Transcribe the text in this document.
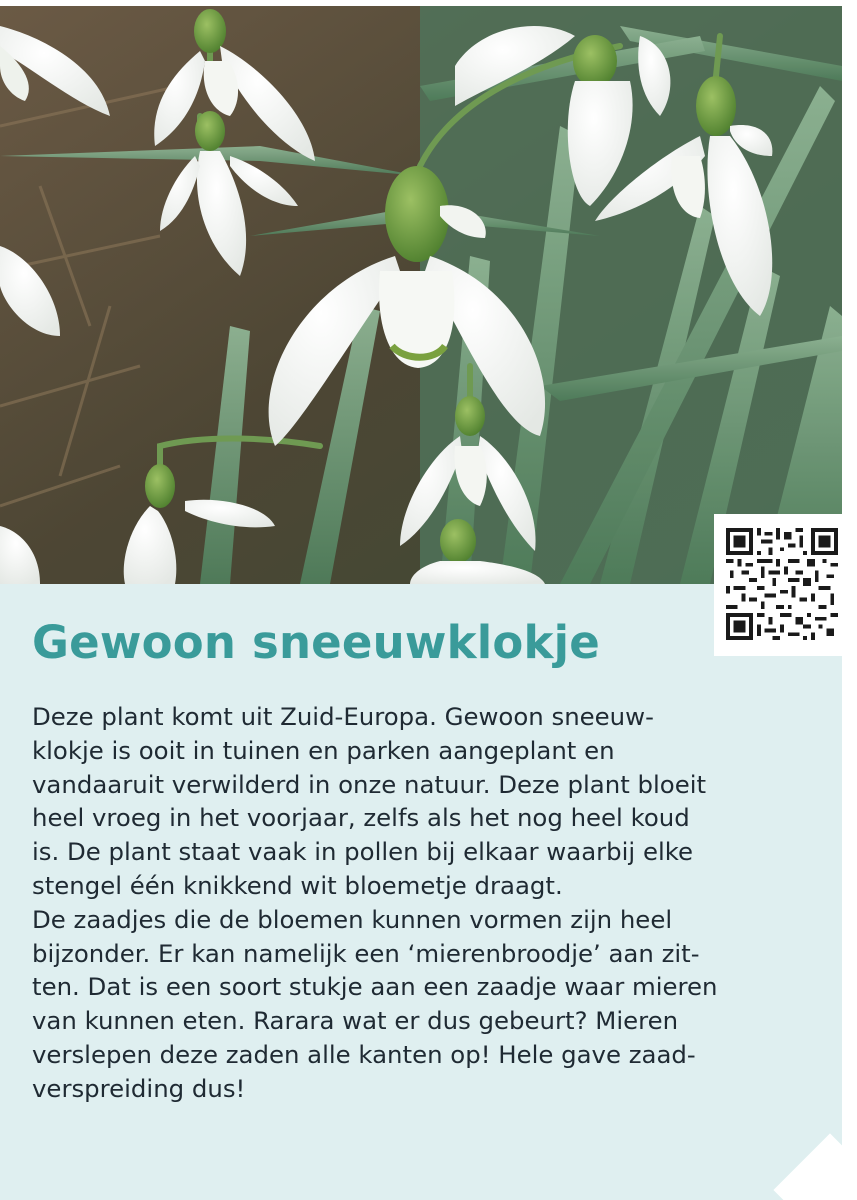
Gewoon sneeuwklokje
Deze plant komt uit Zuid-Europa. Gewoon sneeuw-
klokje is ooit in tuinen en parken aangeplant en
vandaaruit verwilderd in onze natuur. Deze plant bloeit
heel vroeg in het voorjaar, zelfs als het nog heel koud
is. De plant staat vaak in pollen bij elkaar waarbij elke
stengel één knikkend wit bloemetje draagt.
De zaadjes die de bloemen kunnen vormen zijn heel
bijzonder. Er kan namelijk een ‘mierenbroodje’ aan zit-
ten. Dat is een soort stukje aan een zaadje waar mieren
van kunnen eten. Rarara wat er dus gebeurt? Mieren
verslepen deze zaden alle kanten op! Hele gave zaad-
verspreiding dus!
